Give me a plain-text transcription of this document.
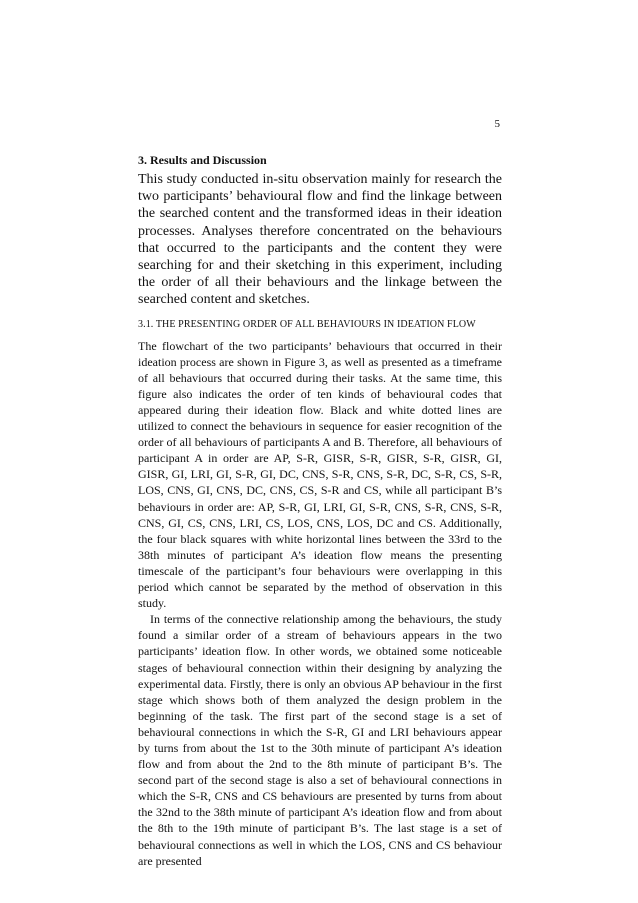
5
3. Results and Discussion

This study conducted in-situ observation mainly for research the two participants’ behavioural flow and find the linkage between the searched content and the transformed ideas in their ideation processes. Analyses therefore concentrated on the behaviours that occurred to the participants and the content they were searching for and their sketching in this experiment, including the order of all their behaviours and the linkage between the searched content and sketches.

3.1. THE PRESENTING ORDER OF ALL BEHAVIOURS IN IDEATION FLOW

The flowchart of the two participants’ behaviours that occurred in their ideation process are shown in Figure 3, as well as presented as a timeframe of all behaviours that occurred during their tasks. At the same time, this figure also indicates the order of ten kinds of behavioural codes that appeared during their ideation flow. Black and white dotted lines are utilized to connect the behaviours in sequence for easier recognition of the order of all behaviours of participants A and B. Therefore, all behaviours of participant A in order are AP, S-R, GISR, S-R, GISR, S-R, GISR, GI, GISR, GI, LRI, GI, S-R, GI, DC, CNS, S-R, CNS, S-R, DC, S-R, CS, S-R, LOS, CNS, GI, CNS, DC, CNS, CS, S-R and CS, while all participant B’s behaviours in order are: AP, S-R, GI, LRI, GI, S-R, CNS, S-R, CNS, S-R, CNS, GI, CS, CNS, LRI, CS, LOS, CNS, LOS, DC and CS. Additionally, the four black squares with white horizontal lines between the 33rd to the 38th minutes of participant A’s ideation flow means the presenting timescale of the participant’s four behaviours were overlapping in this period which cannot be separated by the method of observation in this study.

In terms of the connective relationship among the behaviours, the study found a similar order of a stream of behaviours appears in the two participants’ ideation flow. In other words, we obtained some noticeable stages of behavioural connection within their designing by analyzing the experimental data. Firstly, there is only an obvious AP behaviour in the first stage which shows both of them analyzed the design problem in the beginning of the task. The first part of the second stage is a set of behavioural connections in which the S-R, GI and LRI behaviours appear by turns from about the 1st to the 30th minute of participant A’s ideation flow and from about the 2nd to the 8th minute of participant B’s. The second part of the second stage is also a set of behavioural connections in which the S-R, CNS and CS behaviours are presented by turns from about the 32nd to the 38th minute of participant A’s ideation flow and from about the 8th to the 19th minute of participant B’s. The last stage is a set of behavioural connections as well in which the LOS, CNS and CS behaviour are presented
